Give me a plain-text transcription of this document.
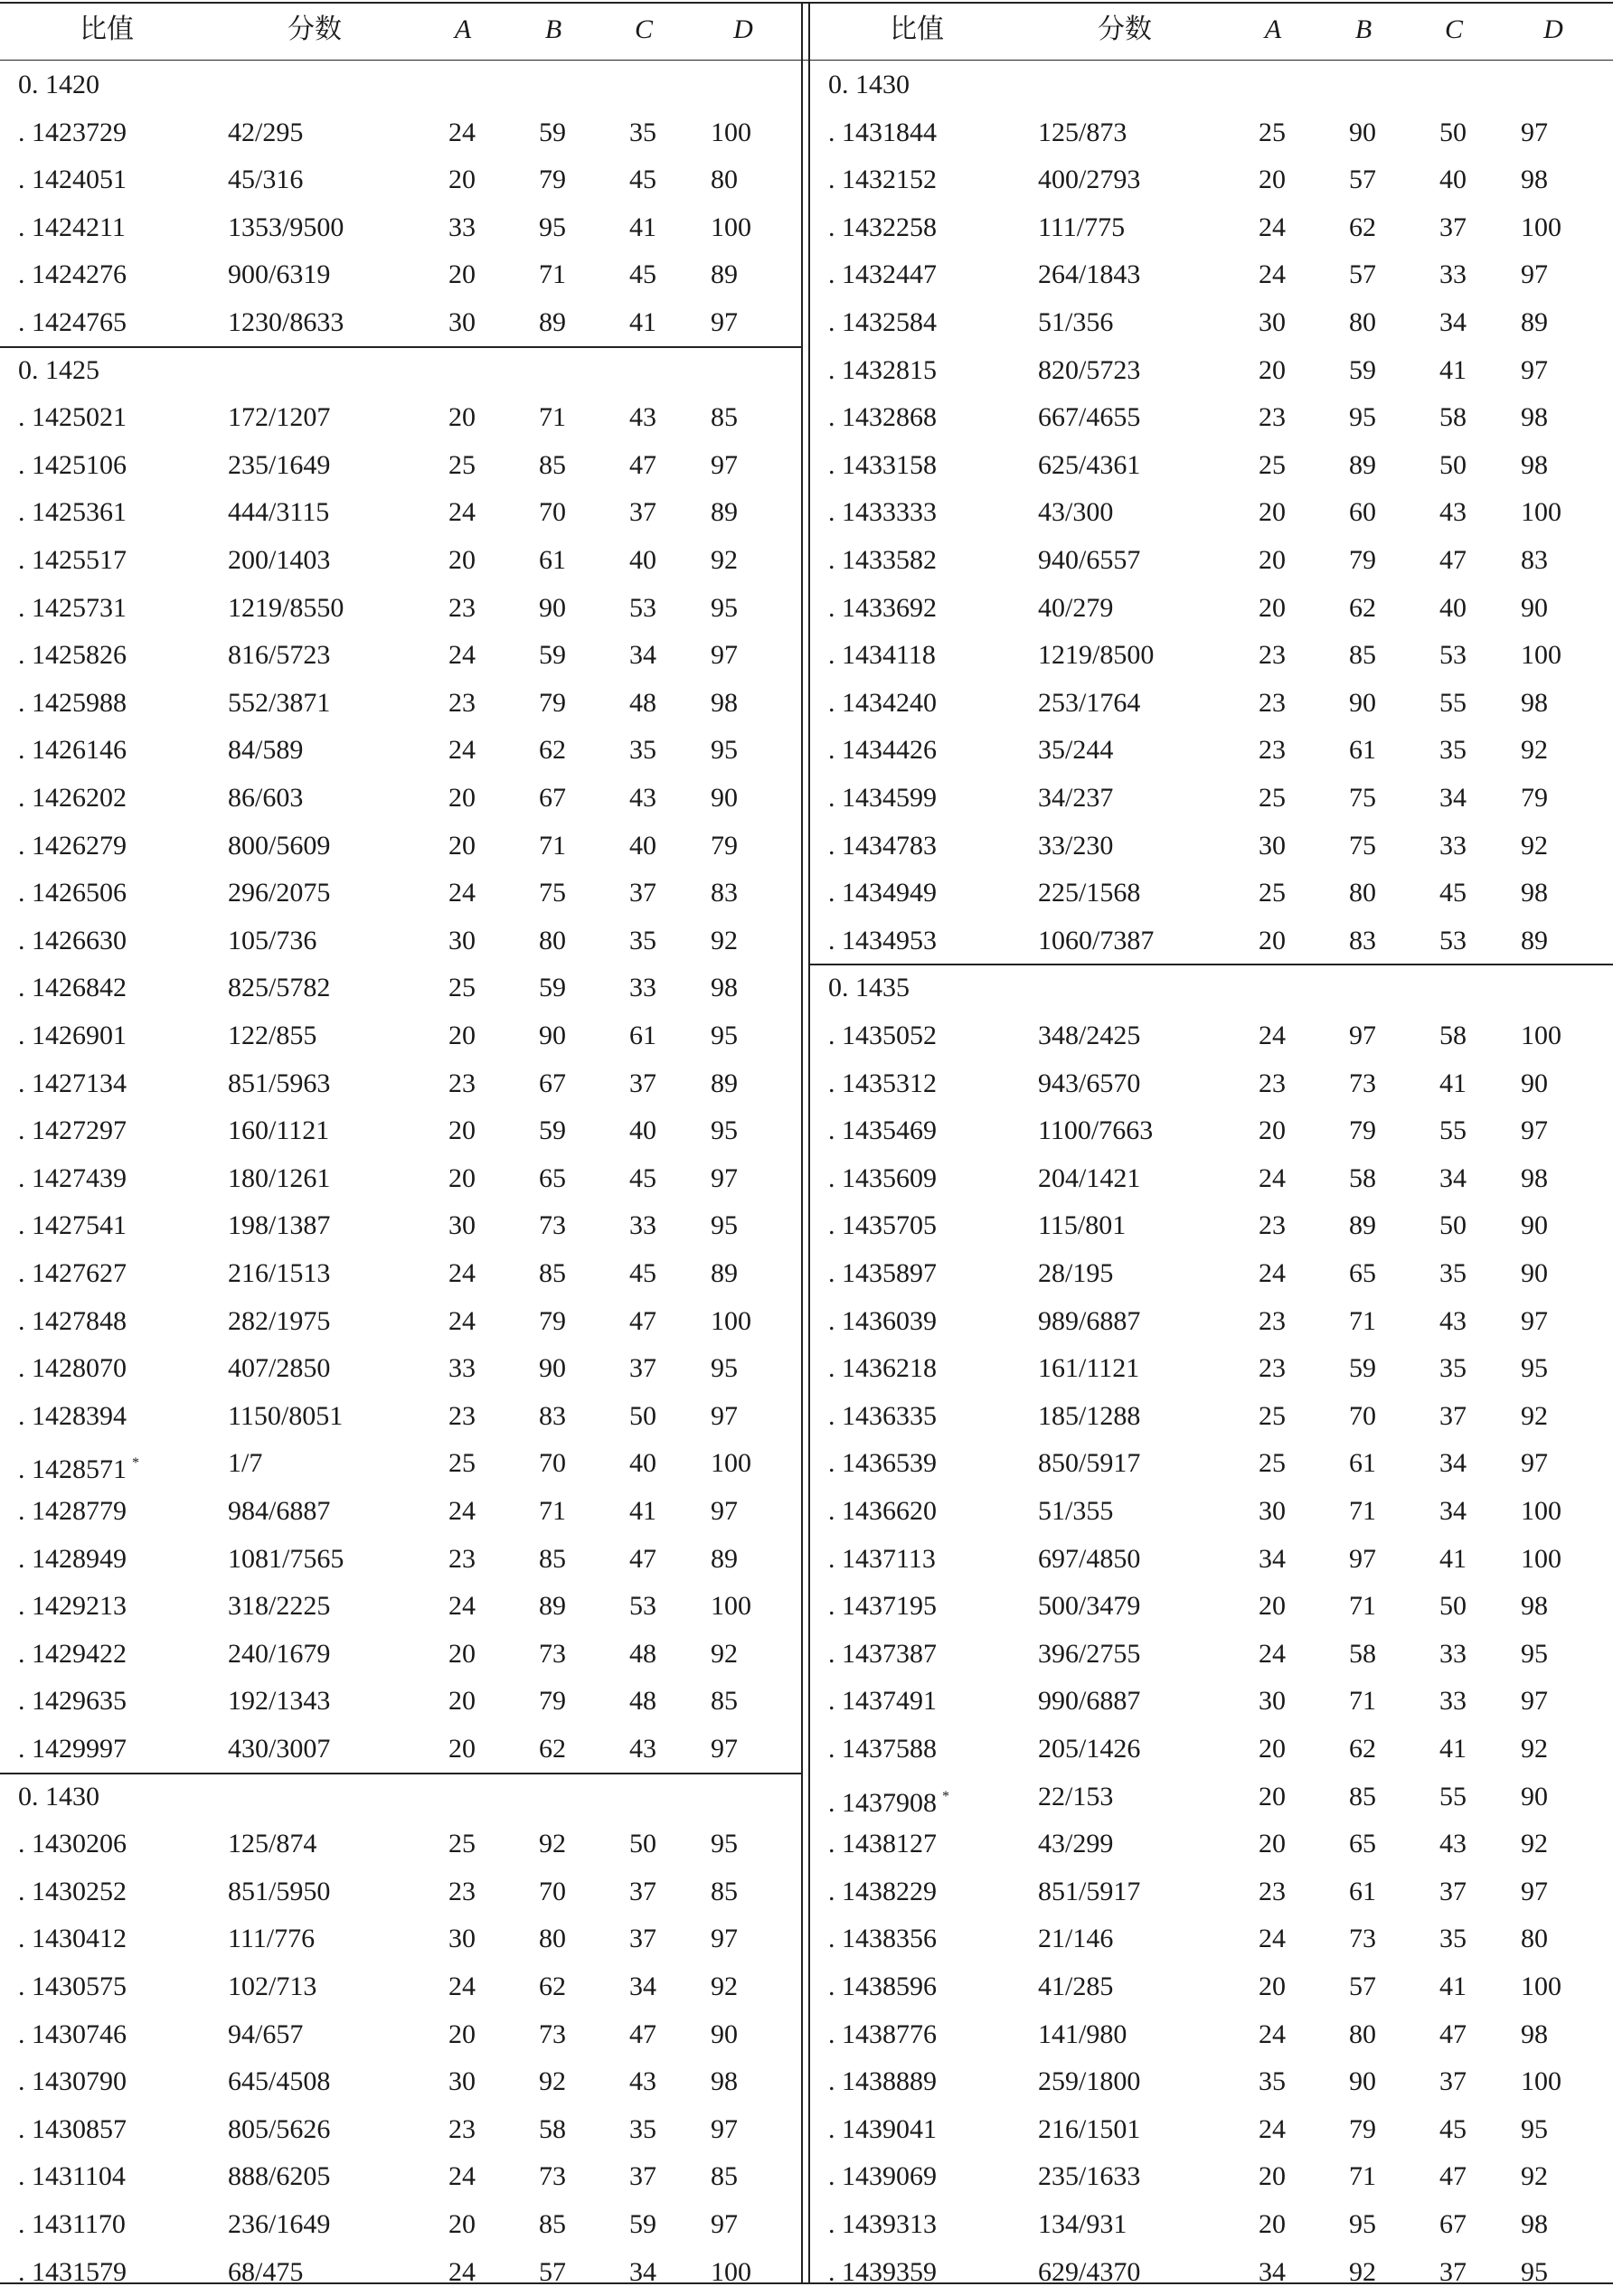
比值	分数	A	B	C	D
0. 1420
. 1423729	42/295	24 59 35 100
. 1424051	45/316	20 79 45 80
. 1424211	1353/9500	33 95 41 100
. 1424276	900/6319	20 71 45 89
. 1424765	1230/8633	30 89 41 97
0. 1425
. 1425021	172/1207	20 71 43 85
. 1425106	235/1649	25 85 47 97
. 1425361	444/3115	24 70 37 89
. 1425517	200/1403	20 61 40 92
. 1425731	1219/8550	23 90 53 95
. 1425826	816/5723	24 59 34 97
. 1425988	552/3871	23 79 48 98
. 1426146	84/589	24 62 35 95
. 1426202	86/603	20 67 43 90
. 1426279	800/5609	20 71 40 79
. 1426506	296/2075	24 75 37 83
. 1426630	105/736	30 80 35 92
. 1426842	825/5782	25 59 33 98
. 1426901	122/855	20 90 61 95
. 1427134	851/5963	23 67 37 89
. 1427297	160/1121	20 59 40 95
. 1427439	180/1261	20 65 45 97
. 1427541	198/1387	30 73 33 95
. 1427627	216/1513	24 85 45 89
. 1427848	282/1975	24 79 47 100
. 1428070	407/2850	33 90 37 95
. 1428394	1150/8051	23 83 50 97
. 1428571 *	1/7	25 70 40 100
. 1428779	984/6887	24 71 41 97
. 1428949	1081/7565	23 85 47 89
. 1429213	318/2225	24 89 53 100
. 1429422	240/1679	20 73 48 92
. 1429635	192/1343	20 79 48 85
. 1429997	430/3007	20 62 43 97
0. 1430
. 1430206	125/874	25 92 50 95
. 1430252	851/5950	23 70 37 85
. 1430412	111/776	30 80 37 97
. 1430575	102/713	24 62 34 92
. 1430746	94/657	20 73 47 90
. 1430790	645/4508	30 92 43 98
. 1430857	805/5626	23 58 35 97
. 1431104	888/6205	24 73 37 85
. 1431170	236/1649	20 85 59 97
. 1431579	68/475	24 57 34 100
比值	分数	A	B	C	D
0. 1430
. 1431844	125/873	25 90 50 97
. 1432152	400/2793	20 57 40 98
. 1432258	111/775	24 62 37 100
. 1432447	264/1843	24 57 33 97
. 1432584	51/356	30 80 34 89
. 1432815	820/5723	20 59 41 97
. 1432868	667/4655	23 95 58 98
. 1433158	625/4361	25 89 50 98
. 1433333	43/300	20 60 43 100
. 1433582	940/6557	20 79 47 83
. 1433692	40/279	20 62 40 90
. 1434118	1219/8500	23 85 53 100
. 1434240	253/1764	23 90 55 98
. 1434426	35/244	23 61 35 92
. 1434599	34/237	25 75 34 79
. 1434783	33/230	30 75 33 92
. 1434949	225/1568	25 80 45 98
. 1434953	1060/7387	20 83 53 89
0. 1435
. 1435052	348/2425	24 97 58 100
. 1435312	943/6570	23 73 41 90
. 1435469	1100/7663	20 79 55 97
. 1435609	204/1421	24 58 34 98
. 1435705	115/801	23 89 50 90
. 1435897	28/195	24 65 35 90
. 1436039	989/6887	23 71 43 97
. 1436218	161/1121	23 59 35 95
. 1436335	185/1288	25 70 37 92
. 1436539	850/5917	25 61 34 97
. 1436620	51/355	30 71 34 100
. 1437113	697/4850	34 97 41 100
. 1437195	500/3479	20 71 50 98
. 1437387	396/2755	24 58 33 95
. 1437491	990/6887	30 71 33 97
. 1437588	205/1426	20 62 41 92
. 1437908 *	22/153	20 85 55 90
. 1438127	43/299	20 65 43 92
. 1438229	851/5917	23 61 37 97
. 1438356	21/146	24 73 35 80
. 1438596	41/285	20 57 41 100
. 1438776	141/980	24 80 47 98
. 1438889	259/1800	35 90 37 100
. 1439041	216/1501	24 79 45 95
. 1439069	235/1633	20 71 47 92
. 1439313	134/931	20 95 67 98
. 1439359	629/4370	34 92 37 95
